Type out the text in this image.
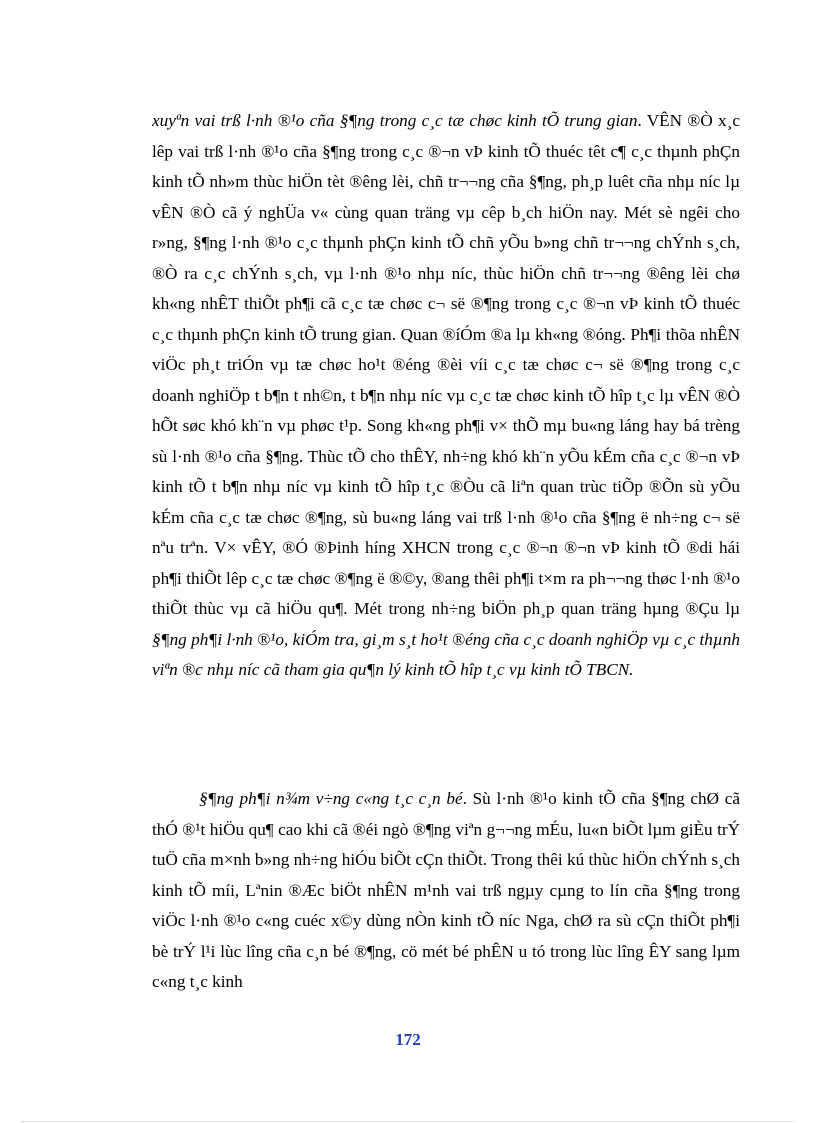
xuyªn vai trß l·nh ®¹o cña §¶ng trong c¸c tæ chøc kinh tÕ trung gian. VÊN ®Ò x¸c lêp vai trß l·nh ®¹o cña §¶ng trong c¸c ®¬n vÞ kinh tÕ thuéc têt c¶ c¸c thµnh phÇn kinh tÕ nh»m thùc hiÖn tèt ®êng lèi, chñ tr¬¬ng cña §¶ng, ph¸p luêt cña nhµ níc lµ vÊN ®Ò cã ý nghÜa v« cùng quan träng vµ cêp b¸ch hiÖn nay. Mét sè ngêi cho r»ng, §¶ng l·nh ®¹o c¸c thµnh phÇn kinh tÕ chñ yÕu b»ng chñ tr¬¬ng chÝnh s¸ch, ®Ò ra c¸c chÝnh s¸ch, vµ l·nh ®¹o nhµ níc, thùc hiÖn chñ tr¬¬ng ®êng lèi chø kh«ng nhÊT thiÕt ph¶i cã c¸c tæ chøc c¬ së ®¶ng trong c¸c ®¬n vÞ kinh tÕ thuéc c¸c thµnh phÇn kinh tÕ trung gian. Quan ®íÓm ®a lµ kh«ng ®óng. Ph¶i thõa nhÊN viÖc ph¸t triÓn vµ tæ chøc ho¹t ®éng ®èi víi c¸c tæ chøc c¬ së ®¶ng trong c¸c doanh nghiÖp t b¶n t nh©n, t b¶n nhµ níc vµ c¸c tæ chøc kinh tÕ hîp t¸c lµ vÊN ®Ò hÕt søc khó kh¨n vµ phøc t¹p. Song kh«ng ph¶i v× thÕ mµ bu«ng láng hay bá trèng sù l·nh ®¹o cña §¶ng. Thùc tÕ cho thÊY, nh÷ng khó kh¨n yÕu kÉm cña c¸c ®¬n vÞ kinh tÕ t b¶n nhµ níc vµ kinh tÕ hîp t¸c ®Òu cã liªn quan trùc tiÕp ®Õn sù yÕu kÉm cña c¸c tæ chøc ®¶ng, sù bu«ng láng vai trß l·nh ®¹o cña §¶ng ë nh÷ng c¬ së nªu trªn. V× vÊY, ®Ó ®Þinh híng XHCN trong c¸c ®¬n ®¬n vÞ kinh tÕ ®di hái ph¶i thiÕt lêp c¸c tæ chøc ®¶ng ë ®©y, ®ang thêi ph¶i t×m ra ph¬¬ng thøc l·nh ®¹o thiÕt thùc vµ cã hiÖu qu¶. Mét trong nh÷ng biÖn ph¸p quan träng hµng ®Çu lµ §¶ng ph¶i l·nh ®¹o, kiÓm tra, gi¸m s¸t ho¹t ®éng cña c¸c doanh nghiÖp vµ c¸c thµnh viªn ®c nhµ níc cã tham gia qu¶n lý kinh tÕ hîp t¸c vµ kinh tÕ TBCN.

§¶ng ph¶i n¾m v÷ng c«ng t¸c c¸n bé. Sù l·nh ®¹o kinh tÕ cña §¶ng chØ cã thÓ ®¹t hiÖu qu¶ cao khi cã ®éi ngò ®¶ng viªn g¬¬ng mÉu, lu«n biÕt lµm giÈu trÝ tuÖ cña m×nh b»ng nh÷ng hiÓu biÕt cÇn thiÕt. Trong thêi kú thùc hiÖn chÝnh s¸ch kinh tÕ míi, Lªnin ®Æc biÖt nhÊN m¹nh vai trß ngµy cµng to lín cña §¶ng trong viÖc l·nh ®¹o c«ng cuéc x©y dùng nÒn kinh tÕ níc Nga, chØ ra sù cÇn thiÕt ph¶i bè trÝ l¹i lùc lîng cña c¸n bé ®¶ng, cö mét bé phÊN u tó trong lùc lîng ÊY sang lµm c«ng t¸c kinh

172
